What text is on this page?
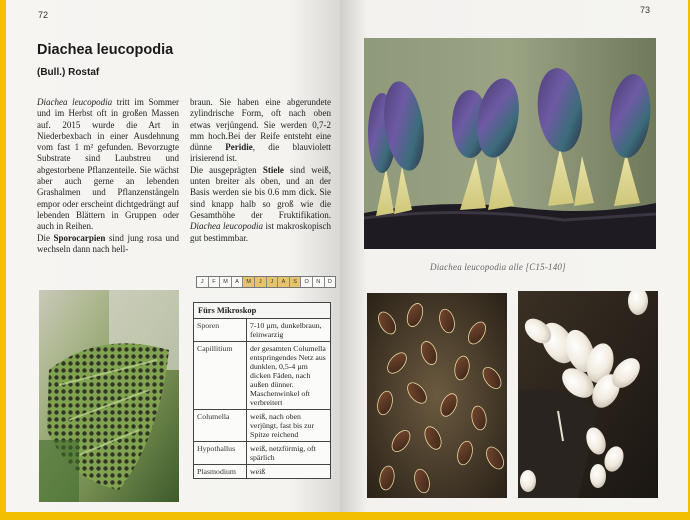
72
Diachea leucopodia
(Bull.) Rostaf

Diachea leucopodia tritt im Sommer und im Herbst oft in großen Massen auf. 2015 wurde die Art in Niederbexbach in einer Ausdehnung vom fast 1 m² gefunden. Bevorzugte Substrate sind Laubstreu und abgestorbene Pflanzenteile. Sie wächst aber auch gerne an lebenden Grashalmen und Pflanzenstängeln empor oder erscheint dichtgedrängt auf lebenden Blättern in Gruppen oder auch in Reihen.
Die Sporocarpien sind jung rosa und wechseln dann nach hell-

braun. Sie haben eine abgerundete zylindrische Form, oft nach oben etwas verjüngend. Sie werden 0,7-2 mm hoch.Bei der Reife entsteht eine dünne Peridie, die blauviolett irisierend ist.
Die ausgeprägten Stiele sind weiß, unten breiter als oben, und an der Basis werden sie bis 0.6 mm dick. Sie sind knapp halb so groß wie die Gesamthöhe der Fruktifikation. Diachea leucopodia ist makroskopisch gut bestimmbar.

J	F	M	A	M	J	J	A	S	O	N	D
Fürs Mikroskop	
Sporen	7-10 µm, dunkelbraun, feinwarzig
Capillitium	der gesamten Columella entspringendes Netz aus dunklen, 0,5-4 µm dicken Fäden, nach außen dünner. Maschenwinkel oft verbreitert
Columella	weiß, nach oben verjüngt, fast bis zur Spitze reichend
Hypothallus	weiß, netzförmig, oft spärlich
Plasmodium	weiß
73
Diachea leucopodia alle [C15-140]
